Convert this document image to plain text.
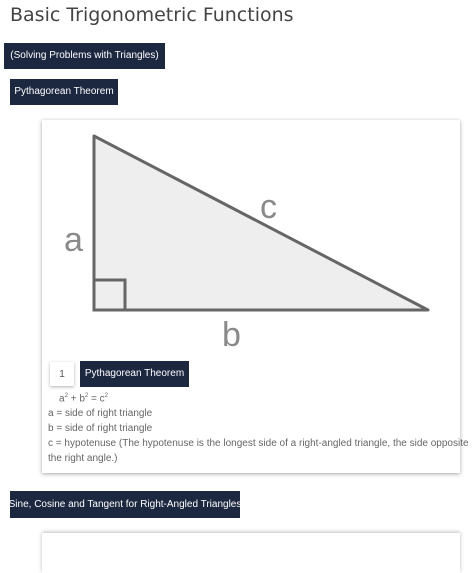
Basic Trigonometric Functions
(Solving Problems with Triangles)
Pythagorean Theorem
a
b
c
1	Pythagorean Theorem
$a^2 + b^2 = c^2$
a = side of right triangle
b = side of right triangle
c = hypotenuse (The hypotenuse is the longest side of a right-angled triangle, the side opposite
the right angle.)
Sine, Cosine and Tangent for Right-Angled Triangles
